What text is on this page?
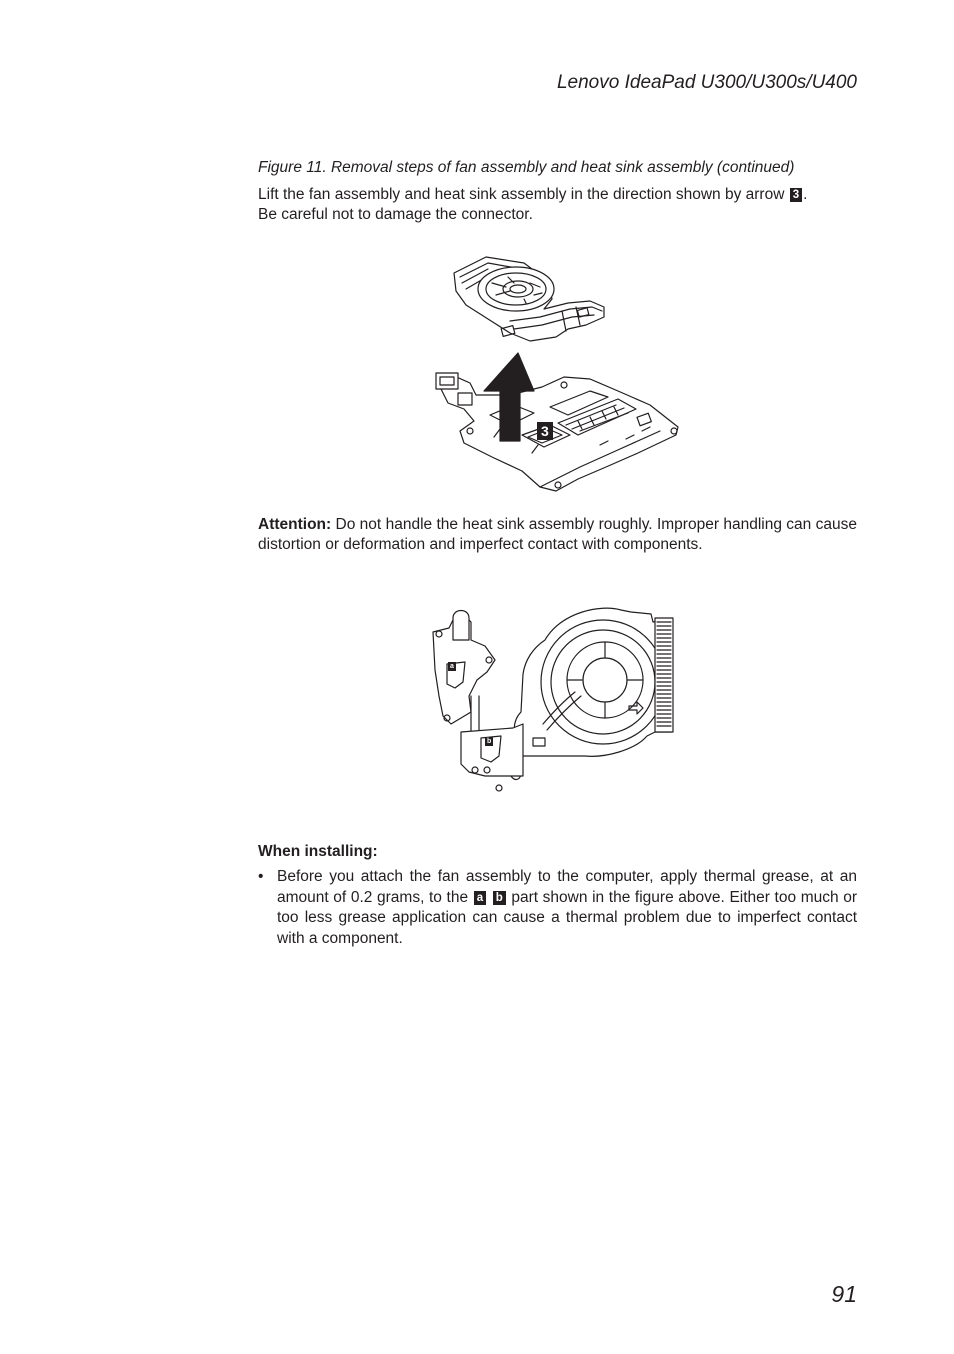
Lenovo IdeaPad U300/U300s/U400
Figure 11. Removal steps of fan assembly and heat sink assembly (continued)

Lift the fan assembly and heat sink assembly in the direction shown by arrow 3 .

Be careful not to damage the connector.

3
Attention: Do not handle the heat sink assembly roughly. Improper handling can cause distortion or deformation and imperfect contact with components.
a
b
When installing:
• Before you attach the fan assembly to the computer, apply thermal grease, at an amount of 0.2 grams, to the a b part shown in the figure above. Either too much or too less grease application can cause a thermal problem due to imperfect contact with a component.
91
